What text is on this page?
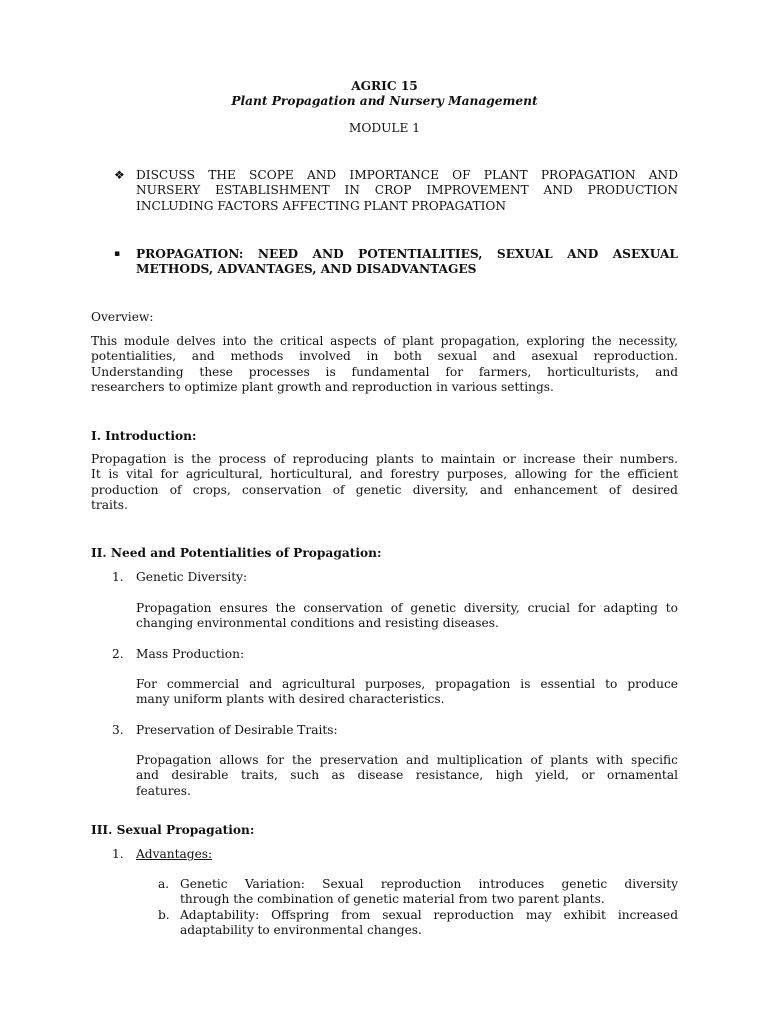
AGRIC 15
Plant Propagation and Nursery Management
MODULE 1
❖ DISCUSS THE SCOPE AND IMPORTANCE OF PLANT PROPAGATION AND
NURSERY ESTABLISHMENT IN CROP IMPROVEMENT AND PRODUCTION
INCLUDING FACTORS AFFECTING PLANT PROPAGATION
▪ PROPAGATION: NEED AND POTENTIALITIES, SEXUAL AND ASEXUAL
METHODS, ADVANTAGES, AND DISADVANTAGES
Overview:

This module delves into the critical aspects of plant propagation, exploring the necessity,

potentialities, and methods involved in both sexual and asexual reproduction.

Understanding these processes is fundamental for farmers, horticulturists, and

researchers to optimize plant growth and reproduction in various settings.

I. Introduction:

Propagation is the process of reproducing plants to maintain or increase their numbers.

It is vital for agricultural, horticultural, and forestry purposes, allowing for the efficient

production of crops, conservation of genetic diversity, and enhancement of desired

traits.

II. Need and Potentialities of Propagation:
1. Genetic Diversity:

Propagation ensures the conservation of genetic diversity, crucial for adapting to

changing environmental conditions and resisting diseases.

2. Mass Production:

For commercial and agricultural purposes, propagation is essential to produce

many uniform plants with desired characteristics.

3. Preservation of Desirable Traits:

Propagation allows for the preservation and multiplication of plants with specific

and desirable traits, such as disease resistance, high yield, or ornamental

features.

III. Sexual Propagation:
1. Advantages:
a. Genetic Variation: Sexual reproduction introduces genetic diversity
through the combination of genetic material from two parent plants.
b. Adaptability: Offspring from sexual reproduction may exhibit increased
adaptability to environmental changes.
